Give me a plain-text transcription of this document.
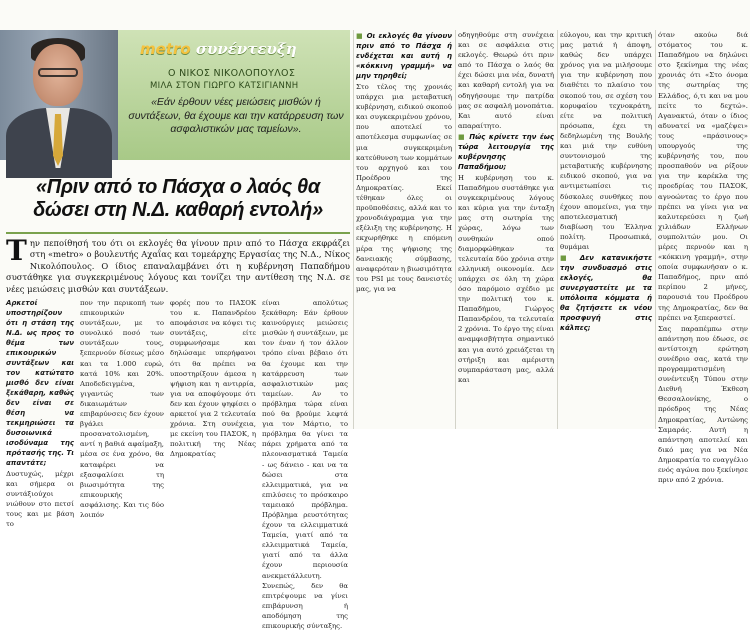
metro συνέντευξη
Ο ΝΙΚΟΣ ΝΙΚΟΛΟΠΟΥΛΟΣ
ΜΙΛΑ ΣΤΟΝ ΓΙΩΡΓΟ ΚΑΤΣΙΓΙΑΝΝΗ
«Εάν έρθουν νέες μειώσεις μισθών ή συντάξεων, θα έχουμε και την κατάρρευση των ασφαλιστικών μας ταμείων».
«Πριν από το Πάσχα ο λαός θα δώσει στη Ν.Δ. καθαρή εντολή»
Την πεποίθησή του ότι οι εκλογές θα γίνουν πριν από το Πάσχα εκφράζει στη «metro» ο βουλευτής Αχαΐας και τομεάρχης Εργασίας της Ν.Δ., Νίκος Νικολόπουλος. Ο ίδιος επαναλαμβάνει ότι η κυβέρνηση Παπαδήμου συστάθηκε για συγκεκριμένους λόγους και τονίζει την αντίθεση της Ν.Δ. σε νέες μειώσεις μισθών και συντάξεων.

Αρκετοί υποστηρίζουν ότι η στάση της Ν.Δ. ως προς το θέμα των επικουρικών συντάξεων και τον κατώτατο μισθό δεν είναι ξεκάθαρη, καθώς δεν είναι σε θέση να τεκμηριώσει τα δυσοιωνικά ισοδύναμα της πρότασής της. Τι απαντάτε;

Δυστυχώς, μέχρι και σήμερα οι συντάξιούχοι νιώθουν στο πετσί τους και με βάση το

πον την περικοπή των επικουρικών συντάξεων, με το συνολικό ποσό των συντάξεων τους, ξεπερνούν δίσεως μέσο και τα 1.000 ευρώ, κατά 10% και 20%. Αποδεδειγμένα, γιγαντώς των δικαιωμάτων επιβαρύνσεις δεν έχουν βγάλει προσανατολισμένη, αντί η βαθιά αφαίμαξη, μέσα σε ένα χρόνο, θα καταφέρει να εξασφαλίσει τη βιωσιμότητα της επικουρικής ασφάλισης. Και τις δύο λοιπόν

φορές που το ΠΑΣΟΚ του κ. Παπανδρέου αποφάσισε να κόψει τις συντάξεις, είτε συμφωνήσαμε και δηλώσαμε υπερήφανοι ότι θα πρέπει να υποστηρίξουν άμεσα η ψήφιση και η αντιρρία, για να αποφύγουμε ότι δεν και έχουν ψηφίσει ο αρκετοί για 2 τελευταία χρόνια. Στη συνέχεια, με εκείνη του ΠΑΣΟΚ, η πολιτική της Νέας Δημοκρατίας

είναι απολύτως ξεκάθαρη: Εάν έρθουν καινούργιες μειώσεις μισθών ή συντάξεων, με τον έναν ή τον άλλον τρόπο είναι βέβαιο ότι θα έχουμε και την κατάρρευση των ασφαλιστικών μας ταμείων. Αν το πρόβλημα τώρα είναι πού θα βρούμε λεφτά για τον Μάρτιο, το πρόβλημα θα γίνει τα πάρει χρήματα από τα πλεονασματικά Ταμεία - ως δάνειο - και να τα δώσει στα ελλειμματικά, για να επιλύσεις το πρόσκαιρο ταμειακό πρόβλημα. Πρόβλημα ρευστότητας έχουν τα ελλειμματικά Ταμεία, γιατί από τα ελλειμματικά Ταμεία, γιατί από τα άλλα έχουν περιουσία ανεκμετάλλευτη. Συνεπώς, δεν θα επιτρέψουμε να γίνει επιβάρυνση ή αποδόμηση της επικουρικής σύνταξης.

■ Οι εκλογές θα γίνουν πριν από το Πάσχα ή ενδέχεται και αυτή η «κόκκινη γραμμή» να μην τηρηθεί;

Στο τέλος της χρονιάς υπάρχει μια μεταβατική κυβέρνηση, ειδικού σκοπού και συγκεκριμένου χρόνου, που αποτελεί το αποτέλεσμα συμφωνίας σε μια συγκεκριμένη κατεύθυνση των κομμάτων του αρχηγού και του Προέδρου της Δημοκρατίας. Εκεί τέθηκαν όλες οι προϋποθέσεις, αλλά και το χρονοδιάγραμμα για την εξέλιξη της κυβέρνησης. Η εκχωρήθηκε η επόμενη μέρα της ψήφισης της δανειακής σύμβασης, αναφερόταν η βιωσιμότητα του PSI με τους δανειστές μας, για να

οδηγηθούμε στη συνέχεια και σε ασφάλεια στις εκλογές. Θεωρώ ότι πριν από το Πάσχα ο λαός θα έχει δώσει μια νέα, δυνατή και καθαρή εντολή για να οδηγήσουμε την πατρίδα μας σε ασφαλή μονοπάτια. Και αυτό είναι απαραίτητο.

■ Πώς κρίνετε την έως τώρα λειτουργία της κυβέρνησης Παπαδήμου;

Η κυβέρνηση του κ. Παπαδήμου συστάθηκε για συγκεκριμένους λόγους και κύρια για την ένταξη μας στη σωτηρία της χώρας, λόγω των συνθηκών οπού διαμορφώθηκαν τα τελευταία δύο χρόνια στην ελληνική οικονομία. Δεν υπάρχει σε όλη τη χώρα όσο παρόμοιο σχέδιο με την πολιτική του κ. Παπαδήμου, Γιώργος Παπανδρέου, τα τελευταία 2 χρόνια. Το έργο της είναι αναμφισβήτητα σημαντικό και για αυτό χρειάζεται τη στήριξη και αμέριστη συμπαράσταση μας, αλλά και

εύλογου, και την κριτική μας ματιά ή άποψη, καθώς δεν υπάρχει χρόνος για να μιλήσουμε για την κυβέρνηση που διαθέτει το πλαίσιο του σκοπού του, σε σχέση του κορυφαίου τεχνοκράτη, είτε να πολιτική πρόσωπα, έχει τη δεδηλωμένη της Βουλής και μιά την ευθύνη συντονισμού της μεταβατικής κυβέρνησης ειδικού σκοπού, για να αντιμετωπίσει τις δύσκολες συνθήκες που έχουν απομείνει, για την αποτελεσματική διαβίωση του Έλληνα πολίτη. Προσωπικά, θυμάμαι

■ Δεν κατανικήστε την συνδυασμό στις εκλογές, θα συνεργαστείτε με τα υπόλοιπα κόμματα ή θα ζητήσετε εκ νέου προσφυγή στις κάλπες;

όταν ακούω διά στόματος του κ. Παπαδήμου να δηλώνει στο ξεκίνημα της νέας χρονιάς ότι «Στο όνομα της σωτηρίας της Ελλάδος, ό,τι και να μου πείτε το δεχτώ». Αγανακτώ, όταν ο ίδιος αδυνατεί να «μαζέψει» τους «πράσινους» υπουργούς της κυβέρνησής του, που προσπαθούν να ρίξουν για την καρέκλα της προεδρίας του ΠΑΣΟΚ, αγνοώντας το έργο που πρέπει να γίνει για να καλυτερεύσει η ζωή χιλιάδων Ελλήνων συμπολιτών μου. Οι μέρες περνούν και η «κόκκινη γραμμή», στην οποία συμφωνήσαν ο κ. Παπαδήμος, πριν από περίπου 2 μήνες, παρουσιά του Προέδρου της Δημοκρατίας, δεν θα πρέπει να ξεπεραστεί.

Σας παραπέμπω στην απάντηση που έδωσε, σε αντίστοιχη ερώτηση συνέδριο σας, κατά την προγραμματισμένη συνέντευξη Τύπου στην Διεθνή Έκθεση Θεσσαλονίκης, ο πρόεδρος της Νέας Δημοκρατίας, Αντώνης Σαμαράς. Αυτή η απάντηση αποτελεί και δικό μας για να Νέα Δημοκρατία το ευαγγέλιο ενός αγώνα που ξεκίνησε πριν από 2 χρόνια.
